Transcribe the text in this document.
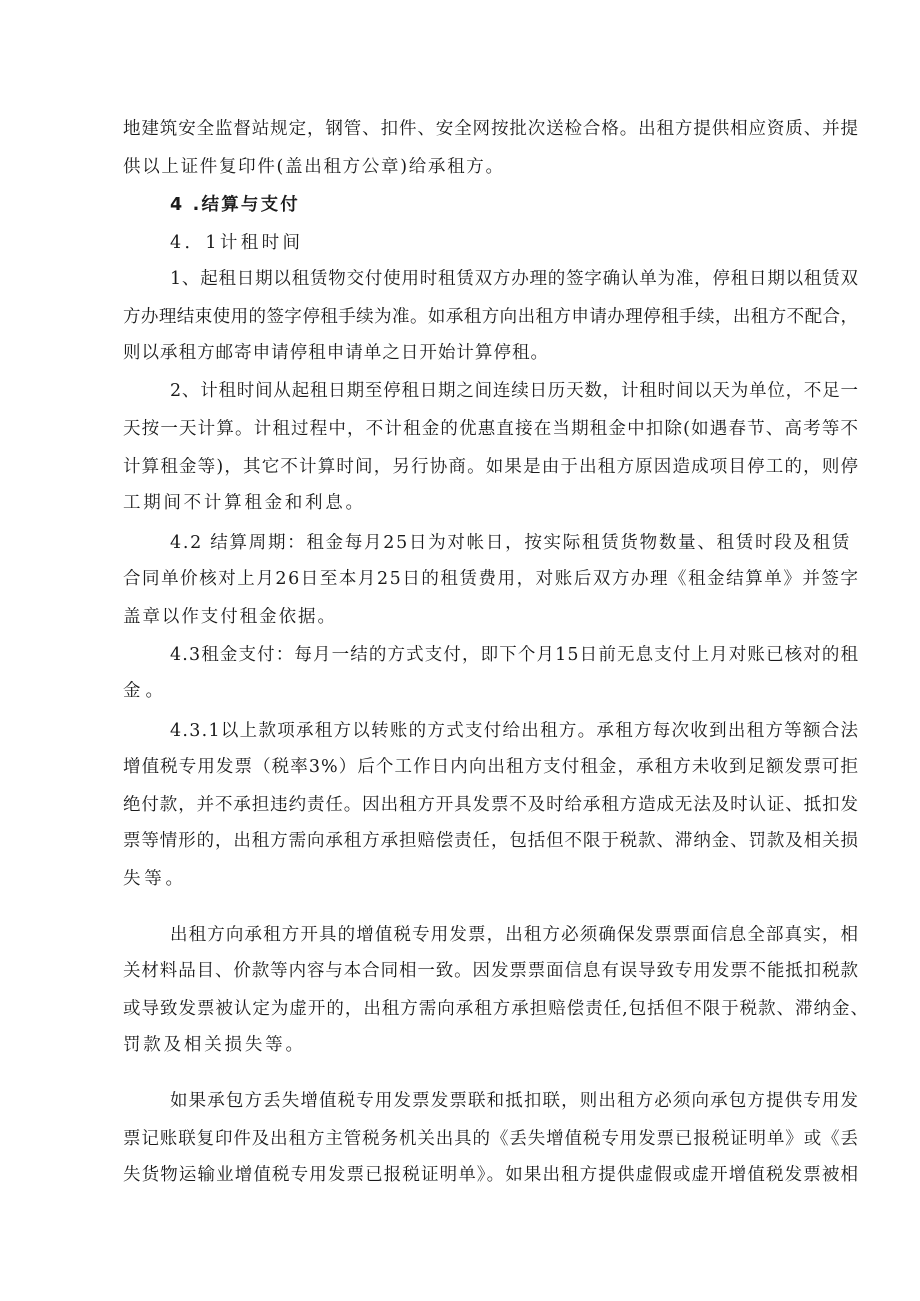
地建筑安全监督站规定，钢管、扣件、安全网按批次送检合格。出租方提供相应资质、并提
供以上证件复印件(盖出租方公章)给承租方。
4 .结算与支付
4．1计租时间
1、起租日期以租赁物交付使用时租赁双方办理的签字确认单为准，停租日期以租赁双
方办理结束使用的签字停租手续为准。如承租方向出租方申请办理停租手续，出租方不配合，
则以承租方邮寄申请停租申请单之日开始计算停租。
2、计租时间从起租日期至停租日期之间连续日历天数，计租时间以天为单位，不足一
天按一天计算。计租过程中，不计租金的优惠直接在当期租金中扣除(如遇春节、高考等不
计算租金等)，其它不计算时间，另行协商。如果是由于出租方原因造成项目停工的，则停
工期间不计算租金和利息。
4.2 结算周期：租金每月25日为对帐日，按实际租赁货物数量、租赁时段及租赁
合同单价核对上月26日至本月25日的租赁费用，对账后双方办理《租金结算单》并签字
盖章以作支付租金依据。
4.3租金支付：每月一结的方式支付，即下个月15日前无息支付上月对账已核对的租
金。
4.3.1以上款项承租方以转账的方式支付给出租方。承租方每次收到出租方等额合法
增值税专用发票（税率3%）后个工作日内向出租方支付租金，承租方未收到足额发票可拒
绝付款，并不承担违约责任。因出租方开具发票不及时给承租方造成无法及时认证、抵扣发
票等情形的，出租方需向承租方承担赔偿责任，包括但不限于税款、滞纳金、罚款及相关损
失等。
出租方向承租方开具的增值税专用发票，出租方必须确保发票票面信息全部真实，相
关材料品目、价款等内容与本合同相一致。因发票票面信息有误导致专用发票不能抵扣税款
或导致发票被认定为虚开的，出租方需向承租方承担赔偿责任,包括但不限于税款、滞纳金、
罚款及相关损失等。
如果承包方丢失增值税专用发票发票联和抵扣联，则出租方必须向承包方提供专用发
票记账联复印件及出租方主管税务机关出具的《丢失增值税专用发票已报税证明单》或《丢
失货物运输业增值税专用发票已报税证明单》。如果出租方提供虚假或虚开增值税发票被相
